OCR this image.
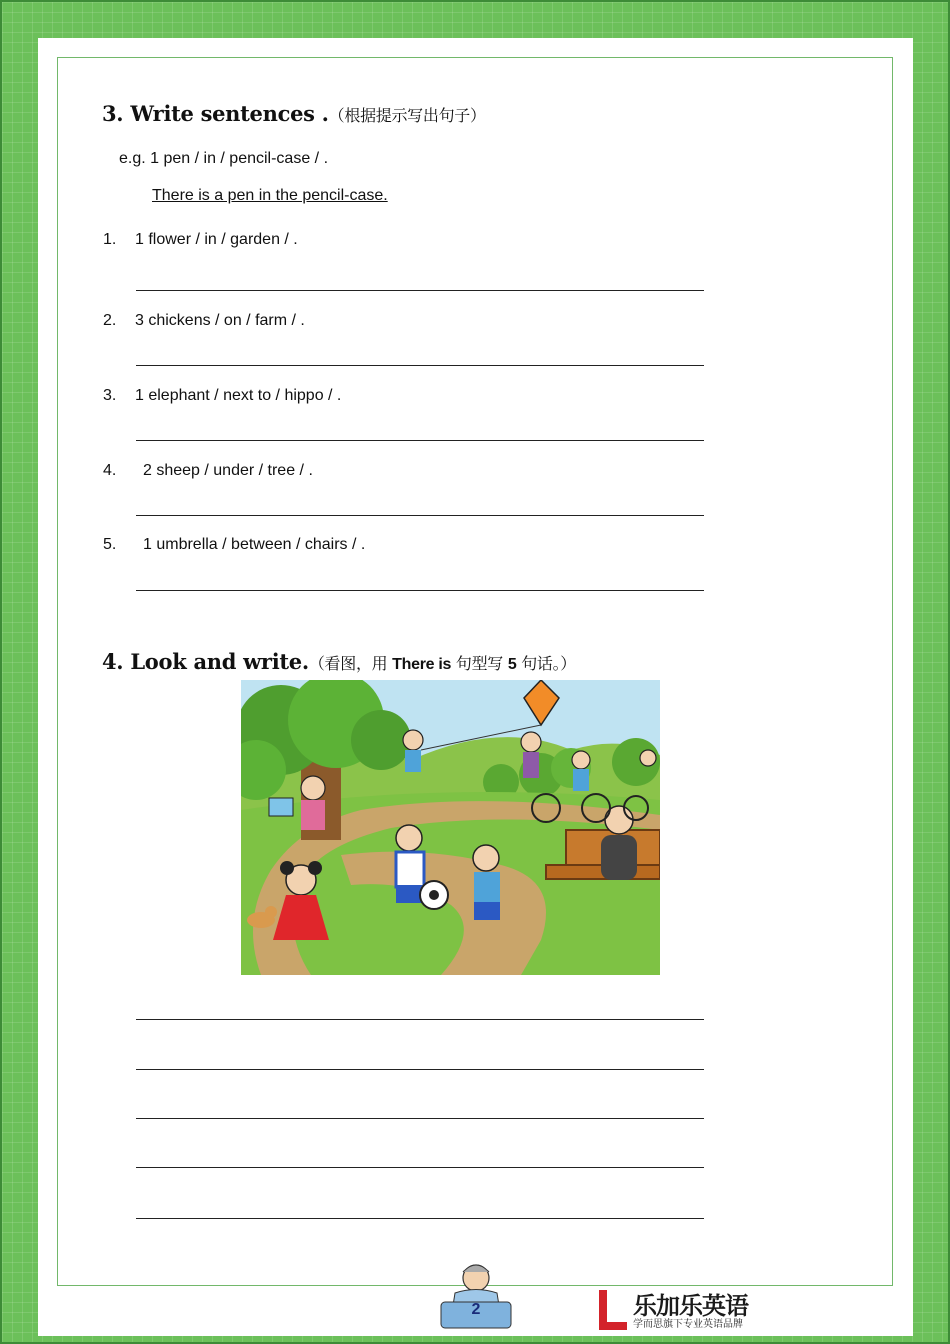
3. Write sentences .（根据提示写出句子）
e.g. 1 pen / in / pencil-case / .
There is a pen in the pencil-case.
1. 1 flower / in / garden / .
2. 3 chickens / on / farm / .
3. 1 elephant / next to / hippo / .
4. 2 sheep / under / tree / .
5. 1 umbrella / between / chairs / .
4. Look and write.（看图，用 There is 句型写 5 句话。）
2	乐加乐英语
学而思旗下专业英语品牌
